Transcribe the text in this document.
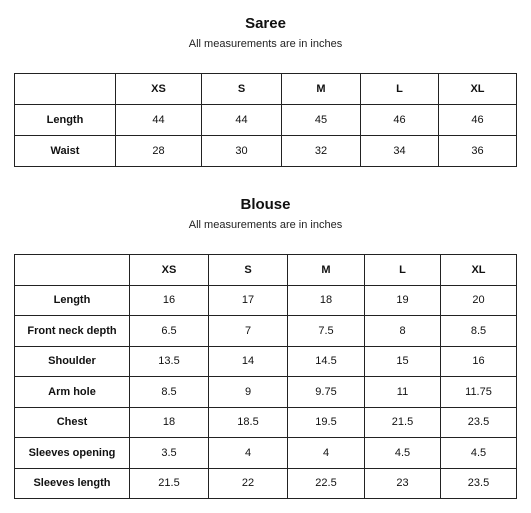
Saree
All measurements are in inches
	XS	S	M	L	XL
Length	44	44	45	46	46
Waist	28	30	32	34	36
Blouse
All measurements are in inches
	XS	S	M	L	XL
Length	16	17	18	19	20
Front neck depth	6.5	7	7.5	8	8.5
Shoulder	13.5	14	14.5	15	16
Arm hole	8.5	9	9.75	11	11.75
Chest	18	18.5	19.5	21.5	23.5
Sleeves opening	3.5	4	4	4.5	4.5
Sleeves length	21.5	22	22.5	23	23.5
